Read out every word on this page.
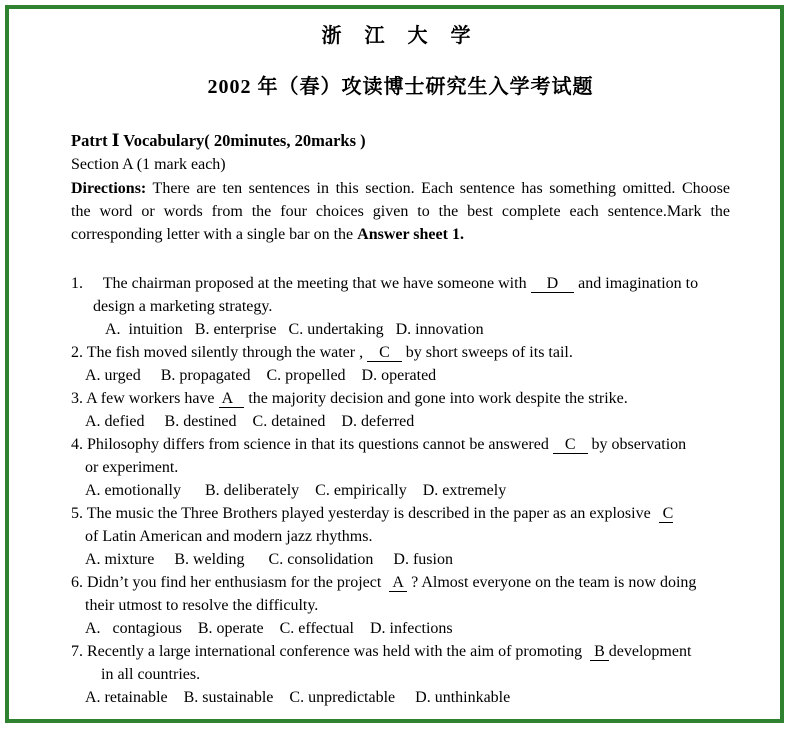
浙 江 大 学
2002 年（春）攻读博士研究生入学考试题
Patrt Ⅰ Vocabulary( 20minutes, 20marks )
Section A (1 mark each)
Directions: There are ten sentences in this section. Each sentence has something omitted. Choose
the word or words from the four choices given to the best complete each sentence.Mark the
corresponding letter with a single bar on the Answer sheet 1.
1.     The chairman proposed at the meeting that we have someone with     D     and imagination to
design a marketing strategy.
A.  intuition   B. enterprise   C. undertaking   D. innovation
2. The fish moved silently through the water ,    C    by short sweeps of its tail.
A. urged     B. propagated    C. propelled    D. operated
3. A few workers have  A    the majority decision and gone into work despite the strike.
A. defied     B. destined    C. detained    D. deferred
4. Philosophy differs from science in that its questions cannot be answered    C    by observation
or experiment.
A. emotionally      B. deliberately    C. empirically    D. extremely
5. The music the Three Brothers played yesterday is described in the paper as an explosive   C
of Latin American and modern jazz rhythms.
A. mixture     B. welding      C. consolidation     D. fusion
6. Didn’t you find her enthusiasm for the project   A  ? Almost everyone on the team is now doing
their utmost to resolve the difficulty.
A.   contagious    B. operate    C. effectual    D. infections
7. Recently a large international conference was held with the aim of promoting   B development
in all countries.
A. retainable    B. sustainable    C. unpredictable     D. unthinkable
